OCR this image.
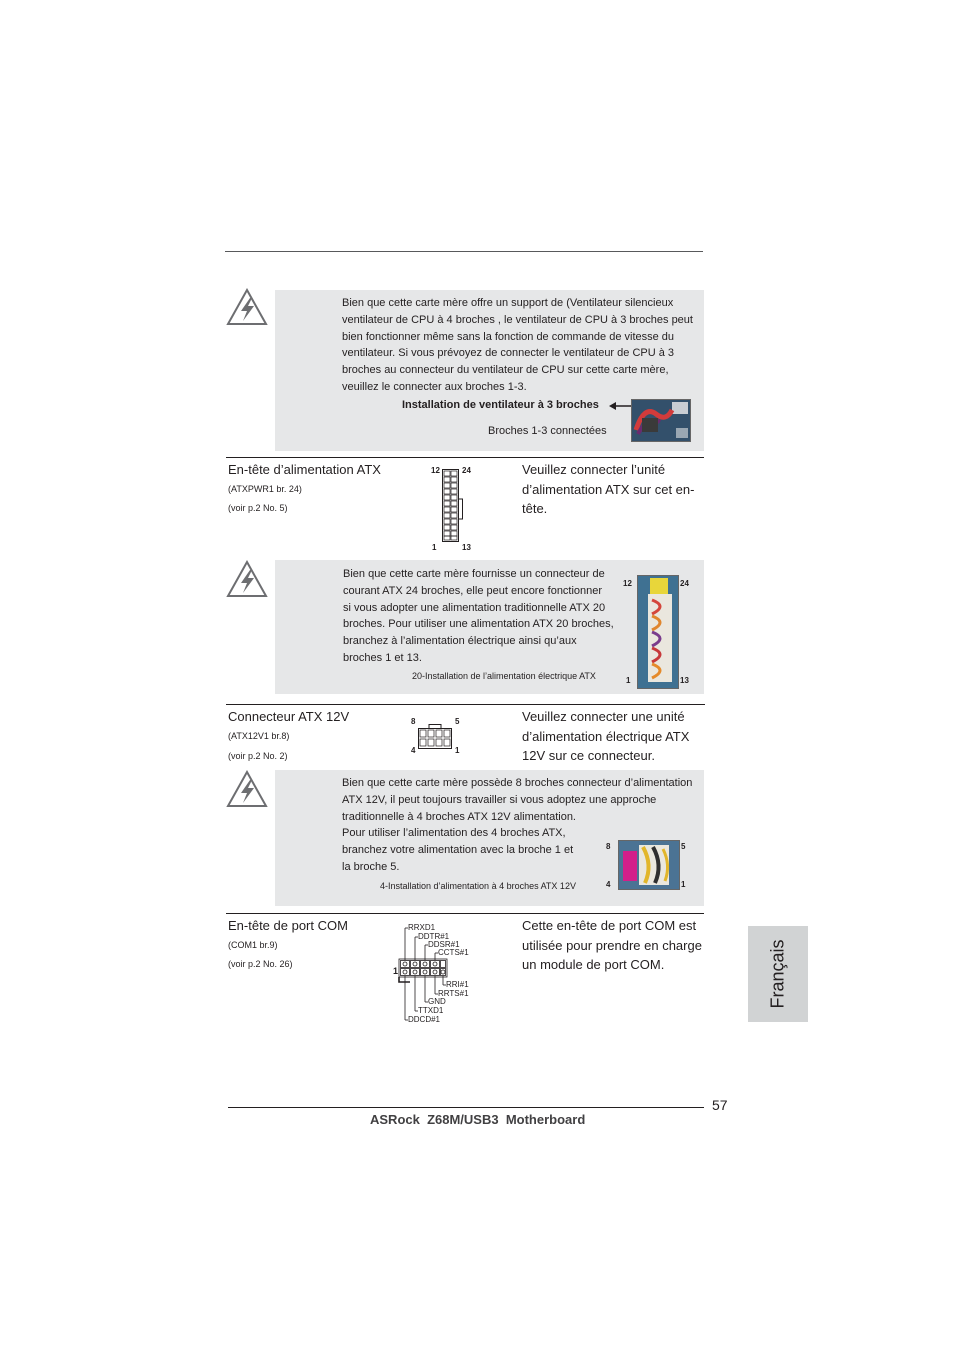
Bien que cette carte mère offre un support de (Ventilateur silencieux
ventilateur de CPU à 4 broches , le ventilateur de CPU à 3 broches peut
bien fonctionner même sans la fonction de commande de vitesse du
ventilateur. Si vous prévoyez de connecter le ventilateur de CPU à 3
broches au connecteur du ventilateur de CPU sur cette carte mère,
veuillez le connecter aux broches 1-3.
Installation de ventilateur à 3 broches
Broches 1-3 connectées
En-tête d’alimentation ATX
(ATXPWR1 br. 24)
(voir p.2 No. 5)
12	24
1	13
Veuillez connecter l’unité
d’alimentation ATX sur cet en-
tête.
Bien que cette carte mère fournisse un connecteur de
courant ATX 24 broches, elle peut encore fonctionner
si vous adopter une alimentation traditionnelle ATX 20
broches. Pour utiliser une alimentation ATX 20 broches,
branchez à l’alimentation électrique ainsi qu’aux
broches 1 et 13.
20-Installation de l’alimentation électrique ATX
12	24
1	13
Connecteur ATX 12V
(ATX12V1 br.8)
(voir p.2 No. 2)
8	5
4	1
Veuillez connecter une unité
d’alimentation électrique ATX
12V sur ce connecteur.
Bien que cette carte mère possède 8 broches connecteur d’alimentation
ATX 12V, il peut toujours travailler si vous adoptez une approche
traditionnelle à 4 broches ATX 12V alimentation.
Pour utiliser l’alimentation des 4 broches ATX,
branchez votre alimentation avec la broche 1 et
la broche 5.
4-Installation d’alimentation à 4 broches ATX 12V
8	5
4	1
En-tête de port COM
(COM1 br.9)
(voir p.2 No. 26)
1
RRXD1
DDTR#1
DDSR#1
CCTS#1
RRI#1
RRTS#1
GND
TTXD1
DDCD#1
Cette en-tête de port COM est
utilisée pour prendre en charge
un module de port COM.	Français
57
ASRock  Z68M/USB3  Motherboard
